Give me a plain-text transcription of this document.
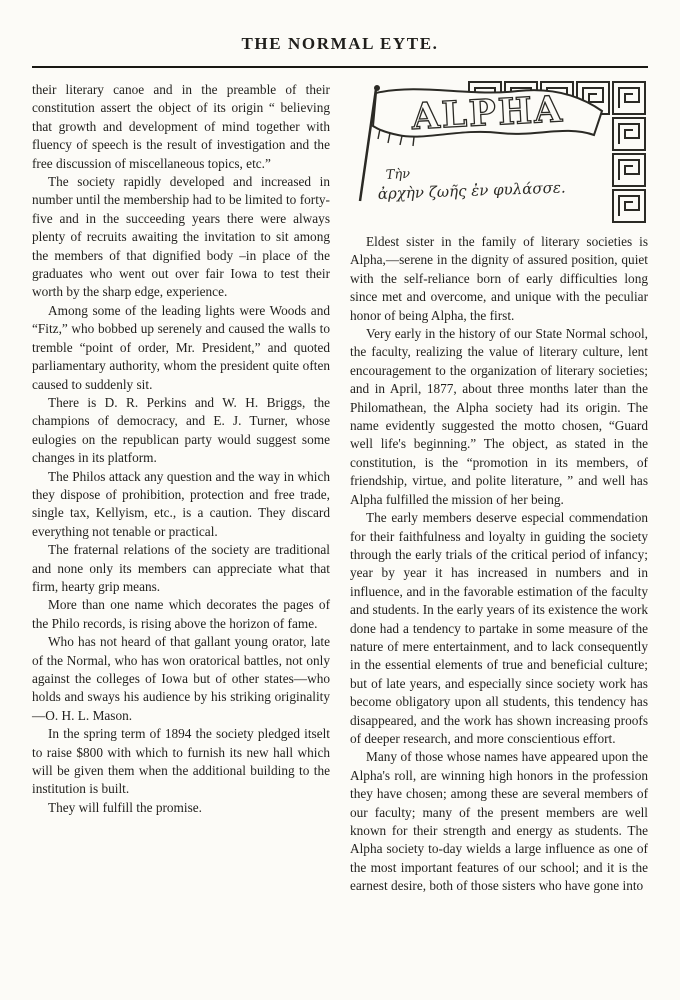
THE NORMAL EYTE.

their literary canoe and in the preamble of their constitution assert the object of its origin “ believing that growth and development of mind together with fluency of speech is the result of investigation and the free discussion of miscellaneous topics, etc.”

The society rapidly developed and increased in number until the membership had to be limited to forty-five and in the succeeding years there were always plenty of recruits awaiting the invitation to sit among the members of that dignified body –in place of the graduates who went out over fair Iowa to test their worth by the sharp edge, experience.

Among some of the leading lights were Woods and “Fitz,” who bobbed up serenely and caused the walls to tremble “point of order, Mr. President,” and quoted parliamentary authority, whom the president quite often caused to suddenly sit.

There is D. R. Perkins and W. H. Briggs, the champions of democracy, and E. J. Turner, whose eulogies on the republican party would suggest some changes in its platform.

The Philos attack any question and the way in which they dispose of prohibition, protection and free trade, single tax, Kellyism, etc., is a caution. They discard everything not tenable or practical.

The fraternal relations of the society are traditional and none only its members can appreciate what that firm, hearty grip means.

More than one name which decorates the pages of the Philo records, is rising above the horizon of fame.

Who has not heard of that gallant young orator, late of the Normal, who has won oratorical battles, not only against the colleges of Iowa but of other states—who holds and sways his audience by his striking originality—O. H. L. Mason.

In the spring term of 1894 the society pledged itselt to raise $800 with which to furnish its new hall which will be given them when the additional building to the institution is built.

They will fulfill the promise.

ALPHA
Τὴν
ἀρχὴν ζωῆς ἐν φυλάσσε.

Eldest sister in the family of literary societies is Alpha,—serene in the dignity of assured position, quiet with the self-reliance born of early difficulties long since met and overcome, and unique with the peculiar honor of being Alpha, the first.

Very early in the history of our State Normal school, the faculty, realizing the value of literary culture, lent encouragement to the organization of literary societies; and in April, 1877, about three months later than the Philomathean, the Alpha society had its origin. The name evidently suggested the motto chosen, “Guard well life's beginning.” The object, as stated in the constitution, is the “promotion in its members, of friendship, virtue, and polite literature, ” and well has Alpha fulfilled the mission of her being.

The early members deserve especial commendation for their faithfulness and loyalty in guiding the society through the early trials of the critical period of infancy; year by year it has increased in numbers and in influence, and in the favorable estimation of the faculty and students. In the early years of its existence the work done had a tendency to partake in some measure of the nature of mere entertainment, and to lack consequently in the essential elements of true and beneficial culture; but of late years, and especially since society work has become obligatory upon all students, this tendency has disappeared, and the work has shown increasing proofs of deeper research, and more conscientious effort.

Many of those whose names have appeared upon the Alpha's roll, are winning high honors in the profession they have chosen; among these are several members of our faculty; many of the present members are well known for their strength and energy as students. The Alpha society to-day wields a large influence as one of the most important features of our school; and it is the earnest desire, both of those sisters who have gone into
